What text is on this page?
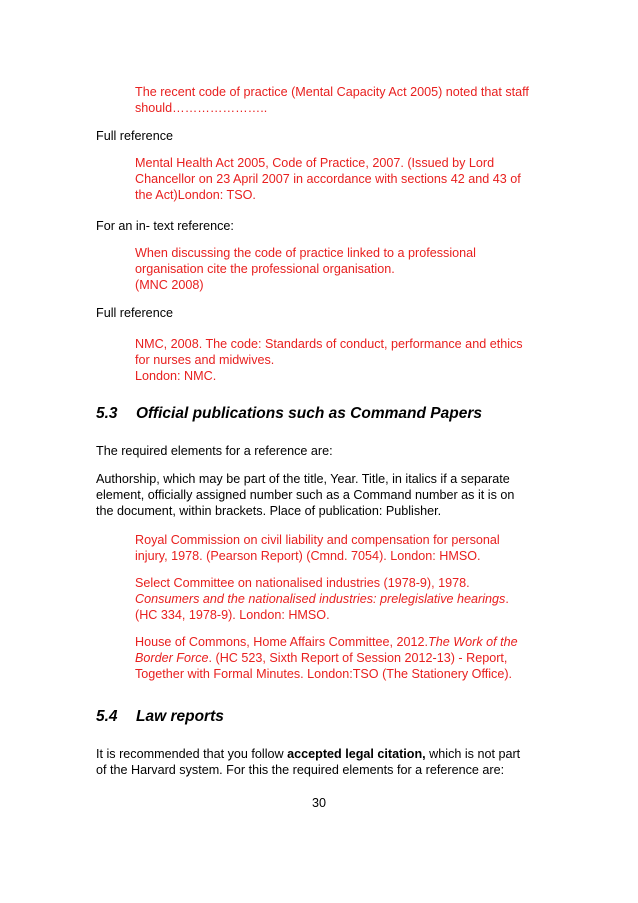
The recent code of practice (Mental Capacity Act 2005) noted that staff
should…………………..
Full reference
Mental Health Act 2005, Code of Practice, 2007. (Issued by Lord
Chancellor on 23 April 2007 in accordance with sections 42 and 43 of
the Act)London: TSO.
For an in- text reference:
When discussing the code of practice linked to a professional
organisation cite the professional organisation.
(MNC 2008)
Full reference
NMC, 2008. The code: Standards of conduct, performance and ethics
for nurses and midwives.
London: NMC.
5.3 Official publications such as Command Papers
The required elements for a reference are:
Authorship, which may be part of the title, Year. Title, in italics if a separate
element, officially assigned number such as a Command number as it is on
the document, within brackets. Place of publication: Publisher.
Royal Commission on civil liability and compensation for personal
injury, 1978. (Pearson Report) (Cmnd. 7054). London: HMSO.
Select Committee on nationalised industries (1978-9), 1978.
Consumers and the nationalised industries: prelegislative hearings.
(HC 334, 1978-9). London: HMSO.
House of Commons, Home Affairs Committee, 2012.The Work of the
Border Force. (HC 523, Sixth Report of Session 2012-13) - Report,
Together with Formal Minutes. London:TSO (The Stationery Office).
5.4 Law reports
It is recommended that you follow accepted legal citation, which is not part
of the Harvard system. For this the required elements for a reference are:
30
